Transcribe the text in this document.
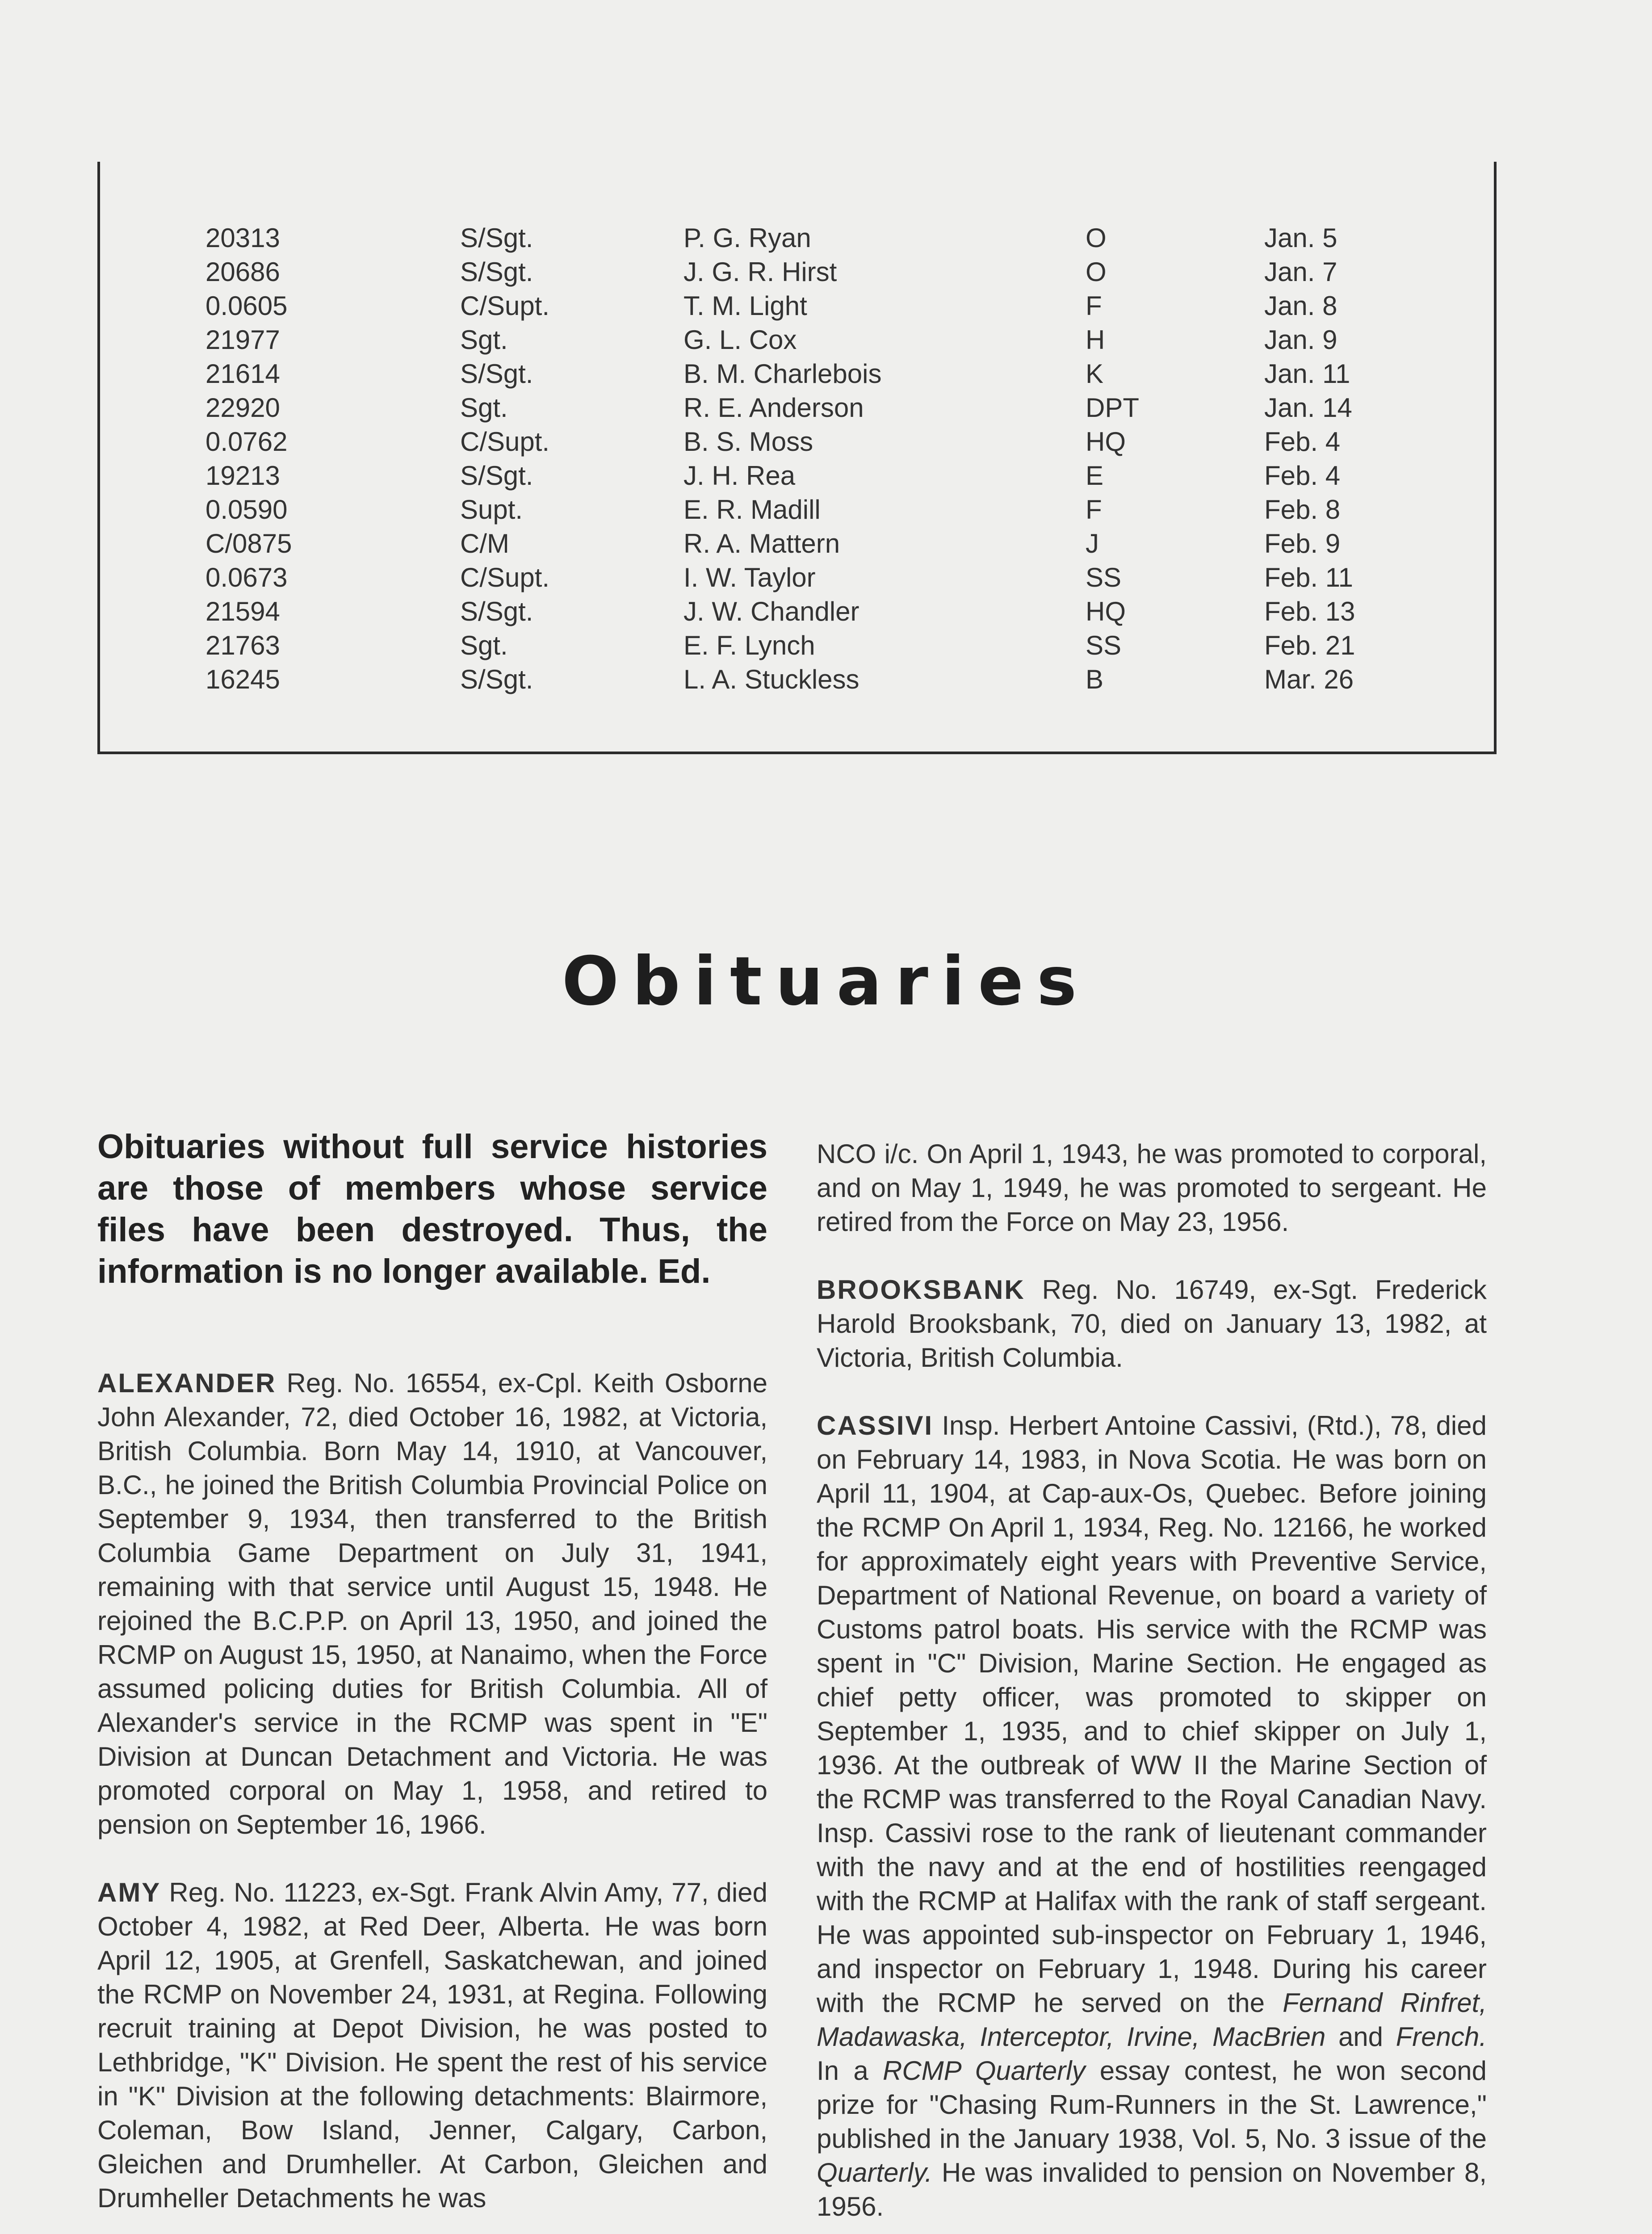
20313	S/Sgt.	P. G. Ryan	O	Jan. 5
20686	S/Sgt.	J. G. R. Hirst	O	Jan. 7
0.0605	C/Supt.	T. M. Light	F	Jan. 8
21977	Sgt.	G. L. Cox	H	Jan. 9
21614	S/Sgt.	B. M. Charlebois	K	Jan. 11
22920	Sgt.	R. E. Anderson	DPT	Jan. 14
0.0762	C/Supt.	B. S. Moss	HQ	Feb. 4
19213	S/Sgt.	J. H. Rea	E	Feb. 4
0.0590	Supt.	E. R. Madill	F	Feb. 8
C/0875	C/M	R. A. Mattern	J	Feb. 9
0.0673	C/Supt.	I. W. Taylor	SS	Feb. 11
21594	S/Sgt.	J. W. Chandler	HQ	Feb. 13
21763	Sgt.	E. F. Lynch	SS	Feb. 21
16245	S/Sgt.	L. A. Stuckless	B	Mar. 26
Obituaries

Obituaries without full service histories are those of members whose service files have been destroyed. Thus, the information is no longer available. Ed.

ALEXANDER Reg. No. 16554, ex-Cpl. Keith Osborne John Alexander, 72, died October 16, 1982, at Victoria, British Columbia. Born May 14, 1910, at Vancouver, B.C., he joined the British Columbia Provincial Police on September 9, 1934, then transferred to the British Columbia Game Department on July 31, 1941, remaining with that service until August 15, 1948. He rejoined the B.C.P.P. on April 13, 1950, and joined the RCMP on August 15, 1950, at Nanaimo, when the Force assumed policing duties for British Columbia. All of Alexander's service in the RCMP was spent in "E" Division at Duncan Detachment and Victoria. He was promoted corporal on May 1, 1958, and retired to pension on September 16, 1966.

AMY Reg. No. 11223, ex-Sgt. Frank Alvin Amy, 77, died October 4, 1982, at Red Deer, Alberta. He was born April 12, 1905, at Grenfell, Saskatchewan, and joined the RCMP on November 24, 1931, at Regina. Following recruit training at Depot Division, he was posted to Lethbridge, "K" Division. He spent the rest of his service in "K" Division at the following detachments: Blairmore, Coleman, Bow Island, Jenner, Calgary, Carbon, Gleichen and Drumheller. At Carbon, Gleichen and Drumheller Detachments he was

NCO i/c. On April 1, 1943, he was promoted to corporal, and on May 1, 1949, he was promoted to sergeant. He retired from the Force on May 23, 1956.

BROOKSBANK Reg. No. 16749, ex-Sgt. Frederick Harold Brooksbank, 70, died on January 13, 1982, at Victoria, British Columbia.

CASSIVI Insp. Herbert Antoine Cassivi, (Rtd.), 78, died on February 14, 1983, in Nova Scotia. He was born on April 11, 1904, at Cap-aux-Os, Quebec. Before joining the RCMP On April 1, 1934, Reg. No. 12166, he worked for approximately eight years with Preventive Service, Department of National Revenue, on board a variety of Customs patrol boats. His service with the RCMP was spent in "C" Division, Marine Section. He engaged as chief petty officer, was promoted to skipper on September 1, 1935, and to chief skipper on July 1, 1936. At the outbreak of WW II the Marine Section of the RCMP was transferred to the Royal Canadian Navy. Insp. Cassivi rose to the rank of lieutenant commander with the navy and at the end of hostilities reengaged with the RCMP at Halifax with the rank of staff sergeant. He was appointed sub-inspector on February 1, 1946, and inspector on February 1, 1948. During his career with the RCMP he served on the Fernand Rinfret, Madawaska, Interceptor, Irvine, MacBrien and French. In a RCMP Quarterly essay contest, he won second prize for "Chasing Rum-Runners in the St. Lawrence," published in the January 1938, Vol. 5, No. 3 issue of the Quarterly. He was invalided to pension on November 8, 1956.
